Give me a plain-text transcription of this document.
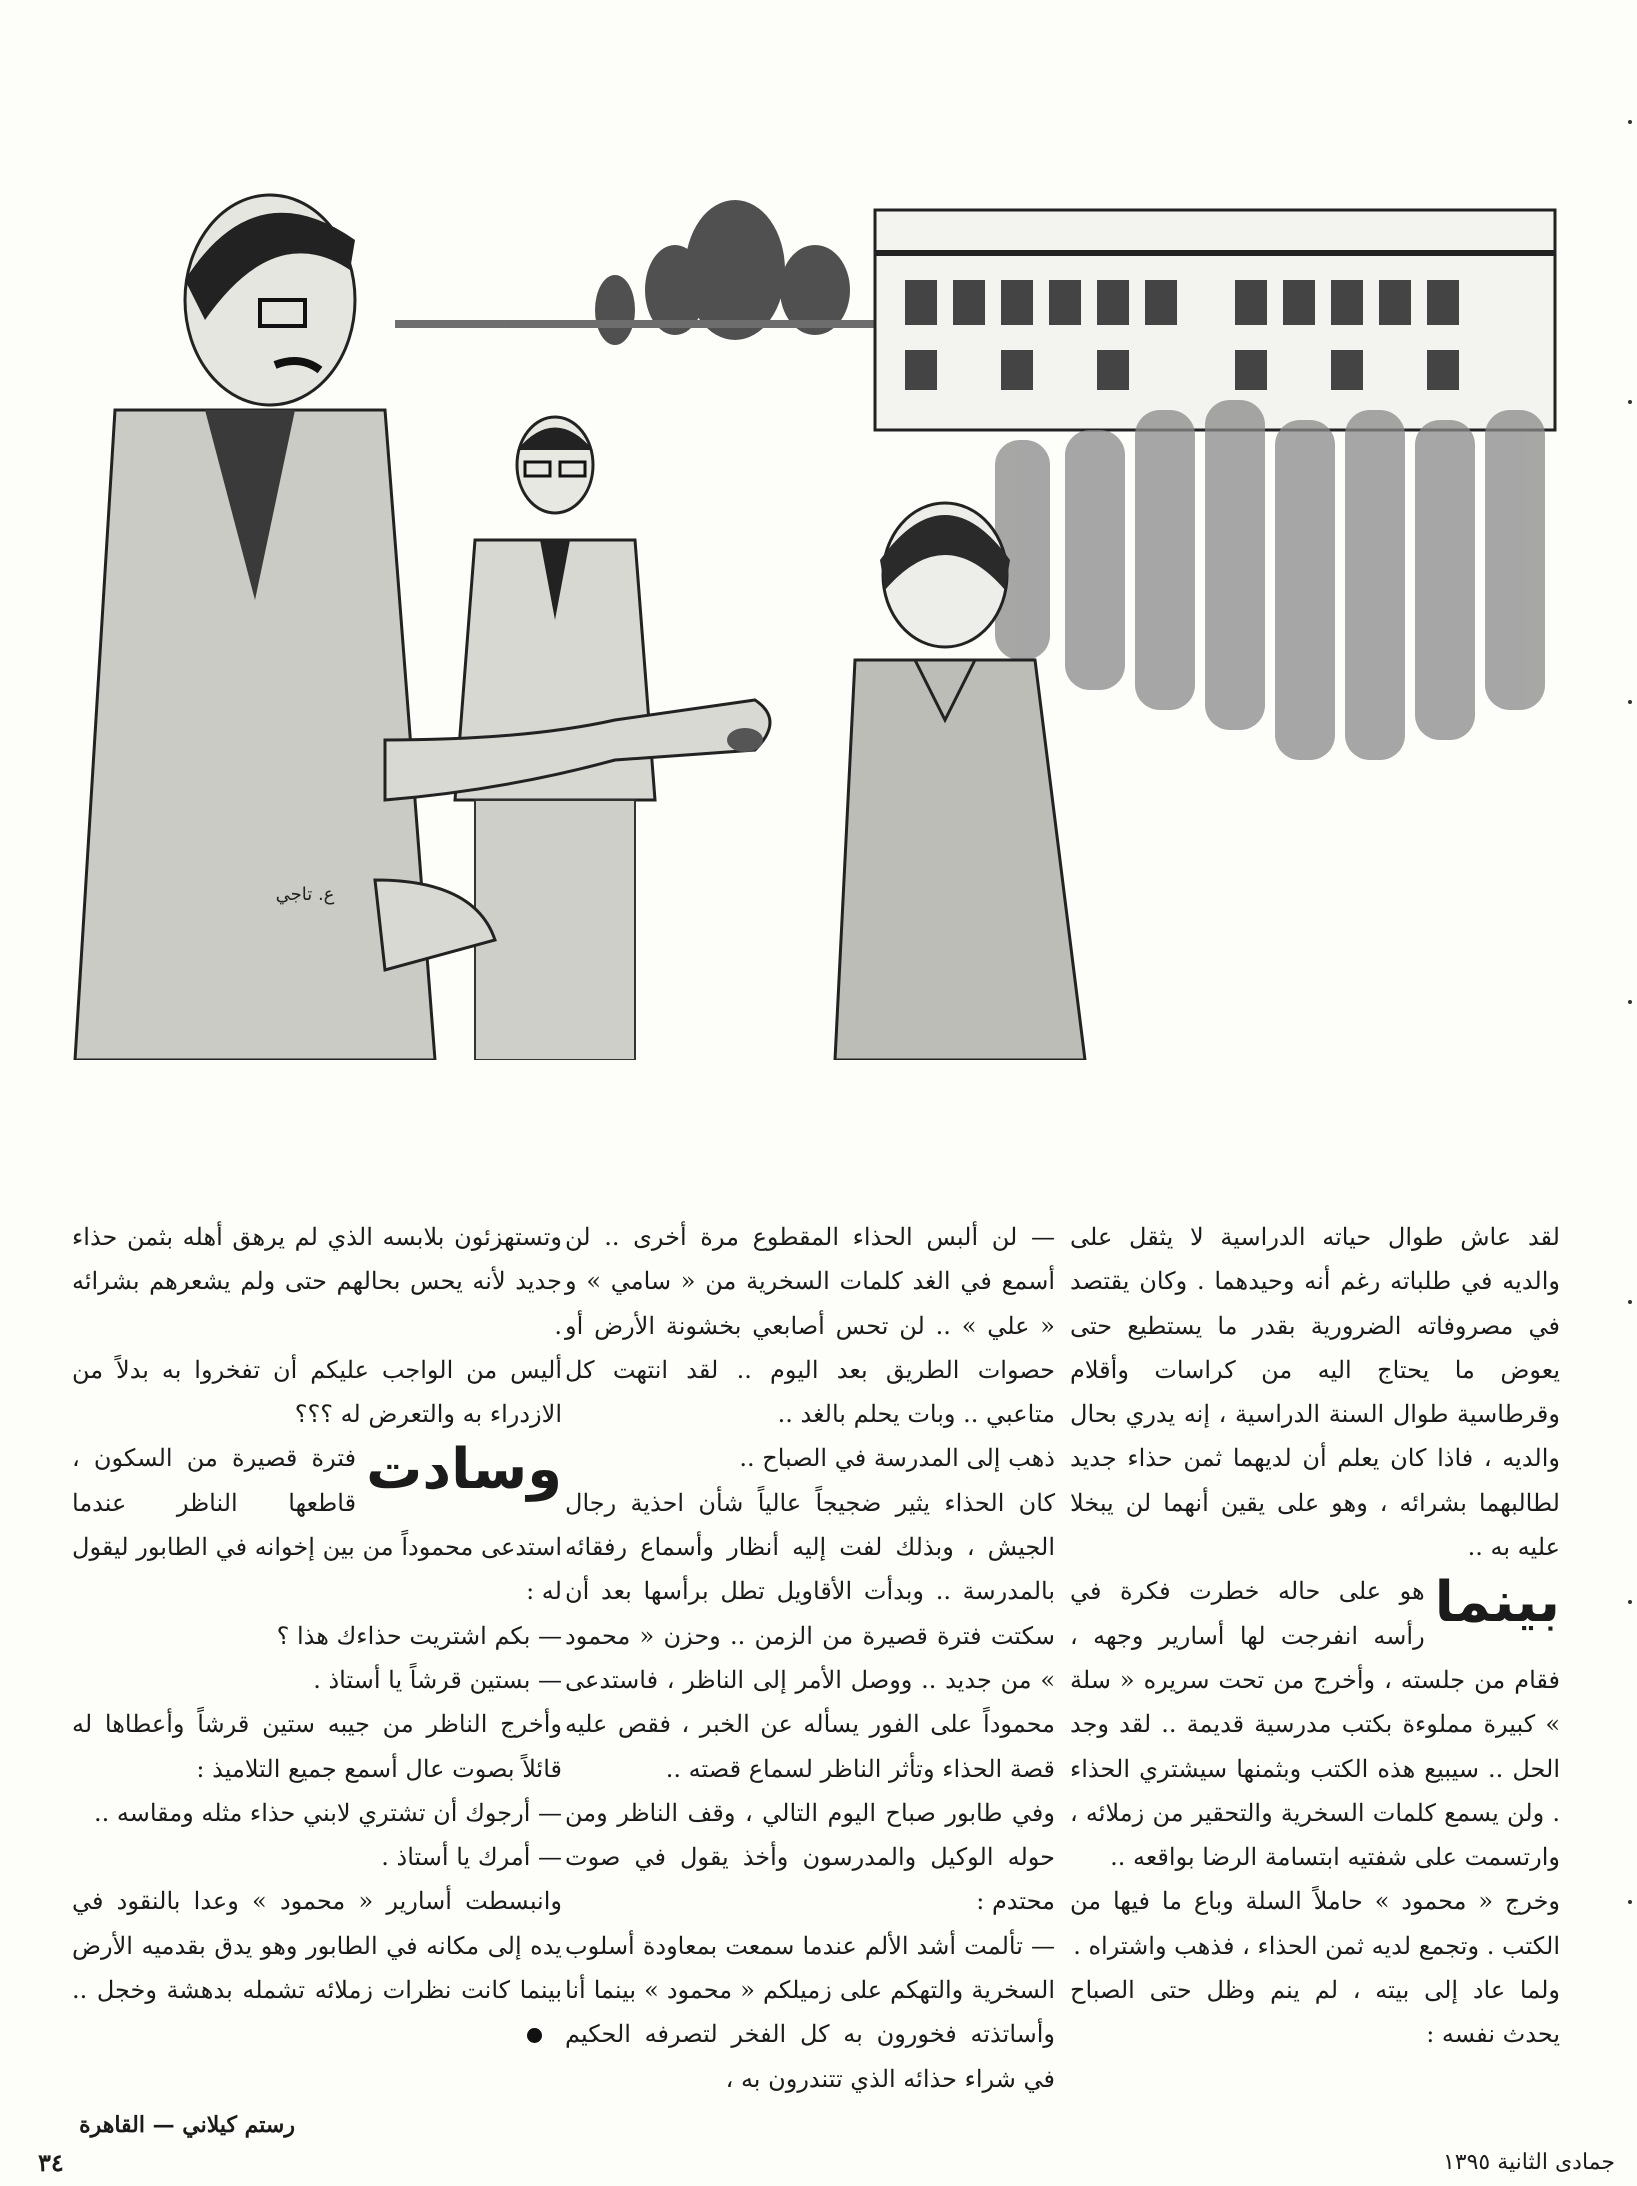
ع. تاجي

لقد عاش طوال حياته الدراسية لا يثقل على والديه في طلباته رغم أنه وحيدهما . وكان يقتصد في مصروفاته الضرورية بقدر ما يستطيع حتى يعوض ما يحتاج اليه من كراسات وأقلام وقرطاسية طوال السنة الدراسية ، إنه يدري بحال والديه ، فاذا كان يعلم أن لديهما ثمن حذاء جديد لطالبهما بشرائه ، وهو على يقين أنهما لن يبخلا عليه به ..

بينما
هو على حاله خطرت فكرة في رأسه انفرجت لها أسارير وجهه ، فقام من جلسته ، وأخرج من تحت سريره « سلة » كبيرة مملوءة بكتب مدرسية قديمة .. لقد وجد الحل .. سيبيع هذه الكتب وبثمنها سيشتري الحذاء . ولن يسمع كلمات السخرية والتحقير من زملائه ، وارتسمت على شفتيه ابتسامة الرضا بواقعه ..

وخرج « محمود » حاملاً السلة وباع ما فيها من الكتب . وتجمع لديه ثمن الحذاء ، فذهب واشتراه .

ولما عاد إلى بيته ، لم ينم وظل حتى الصباح يحدث نفسه :

— لن ألبس الحذاء المقطوع مرة أخرى .. لن أسمع في الغد كلمات السخرية من « سامي » و « علي » .. لن تحس أصابعي بخشونة الأرض أو حصوات الطريق بعد اليوم .. لقد انتهت كل متاعبي .. وبات يحلم بالغد ..

ذهب إلى المدرسة في الصباح ..

كان الحذاء يثير ضجيجاً عالياً شأن احذية رجال الجيش ، وبذلك لفت إليه أنظار وأسماع رفقائه بالمدرسة .. وبدأت الأقاويل تطل برأسها بعد أن سكتت فترة قصيرة من الزمن .. وحزن « محمود » من جديد .. ووصل الأمر إلى الناظر ، فاستدعى محموداً على الفور يسأله عن الخبر ، فقص عليه قصة الحذاء وتأثر الناظر لسماع قصته ..

وفي طابور صباح اليوم التالي ، وقف الناظر ومن حوله الوكيل والمدرسون وأخذ يقول في صوت محتدم :

— تألمت أشد الألم عندما سمعت بمعاودة أسلوب السخرية والتهكم على زميلكم « محمود » بينما أنا وأساتذته فخورون به كل الفخر لتصرفه الحكيم في شراء حذائه الذي تتندرون به ،

وتستهزئون بلابسه الذي لم يرهق أهله بثمن حذاء جديد لأنه يحس بحالهم حتى ولم يشعرهم بشرائه .

أليس من الواجب عليكم أن تفخروا به بدلاً من الازدراء به والتعرض له ؟؟؟

وسادت
فترة قصيرة من السكون ، قاطعها الناظر عندما استدعى محموداً من بين إخوانه في الطابور ليقول له :

— بكم اشتريت حذاءك هذا ؟

— بستين قرشاً يا أستاذ .

وأخرج الناظر من جيبه ستين قرشاً وأعطاها له قائلاً بصوت عال أسمع جميع التلاميذ :

— أرجوك أن تشتري لابني حذاء مثله ومقاسه ..

— أمرك يا أستاذ .

وانبسطت أسارير « محمود » وعدا بالنقود في يده إلى مكانه في الطابور وهو يدق بقدميه الأرض بينما كانت نظرات زملائه تشمله بدهشة وخجل ..

رستم كيلاني — القاهرة
٣٤	جمادى الثانية ١٣٩٥
